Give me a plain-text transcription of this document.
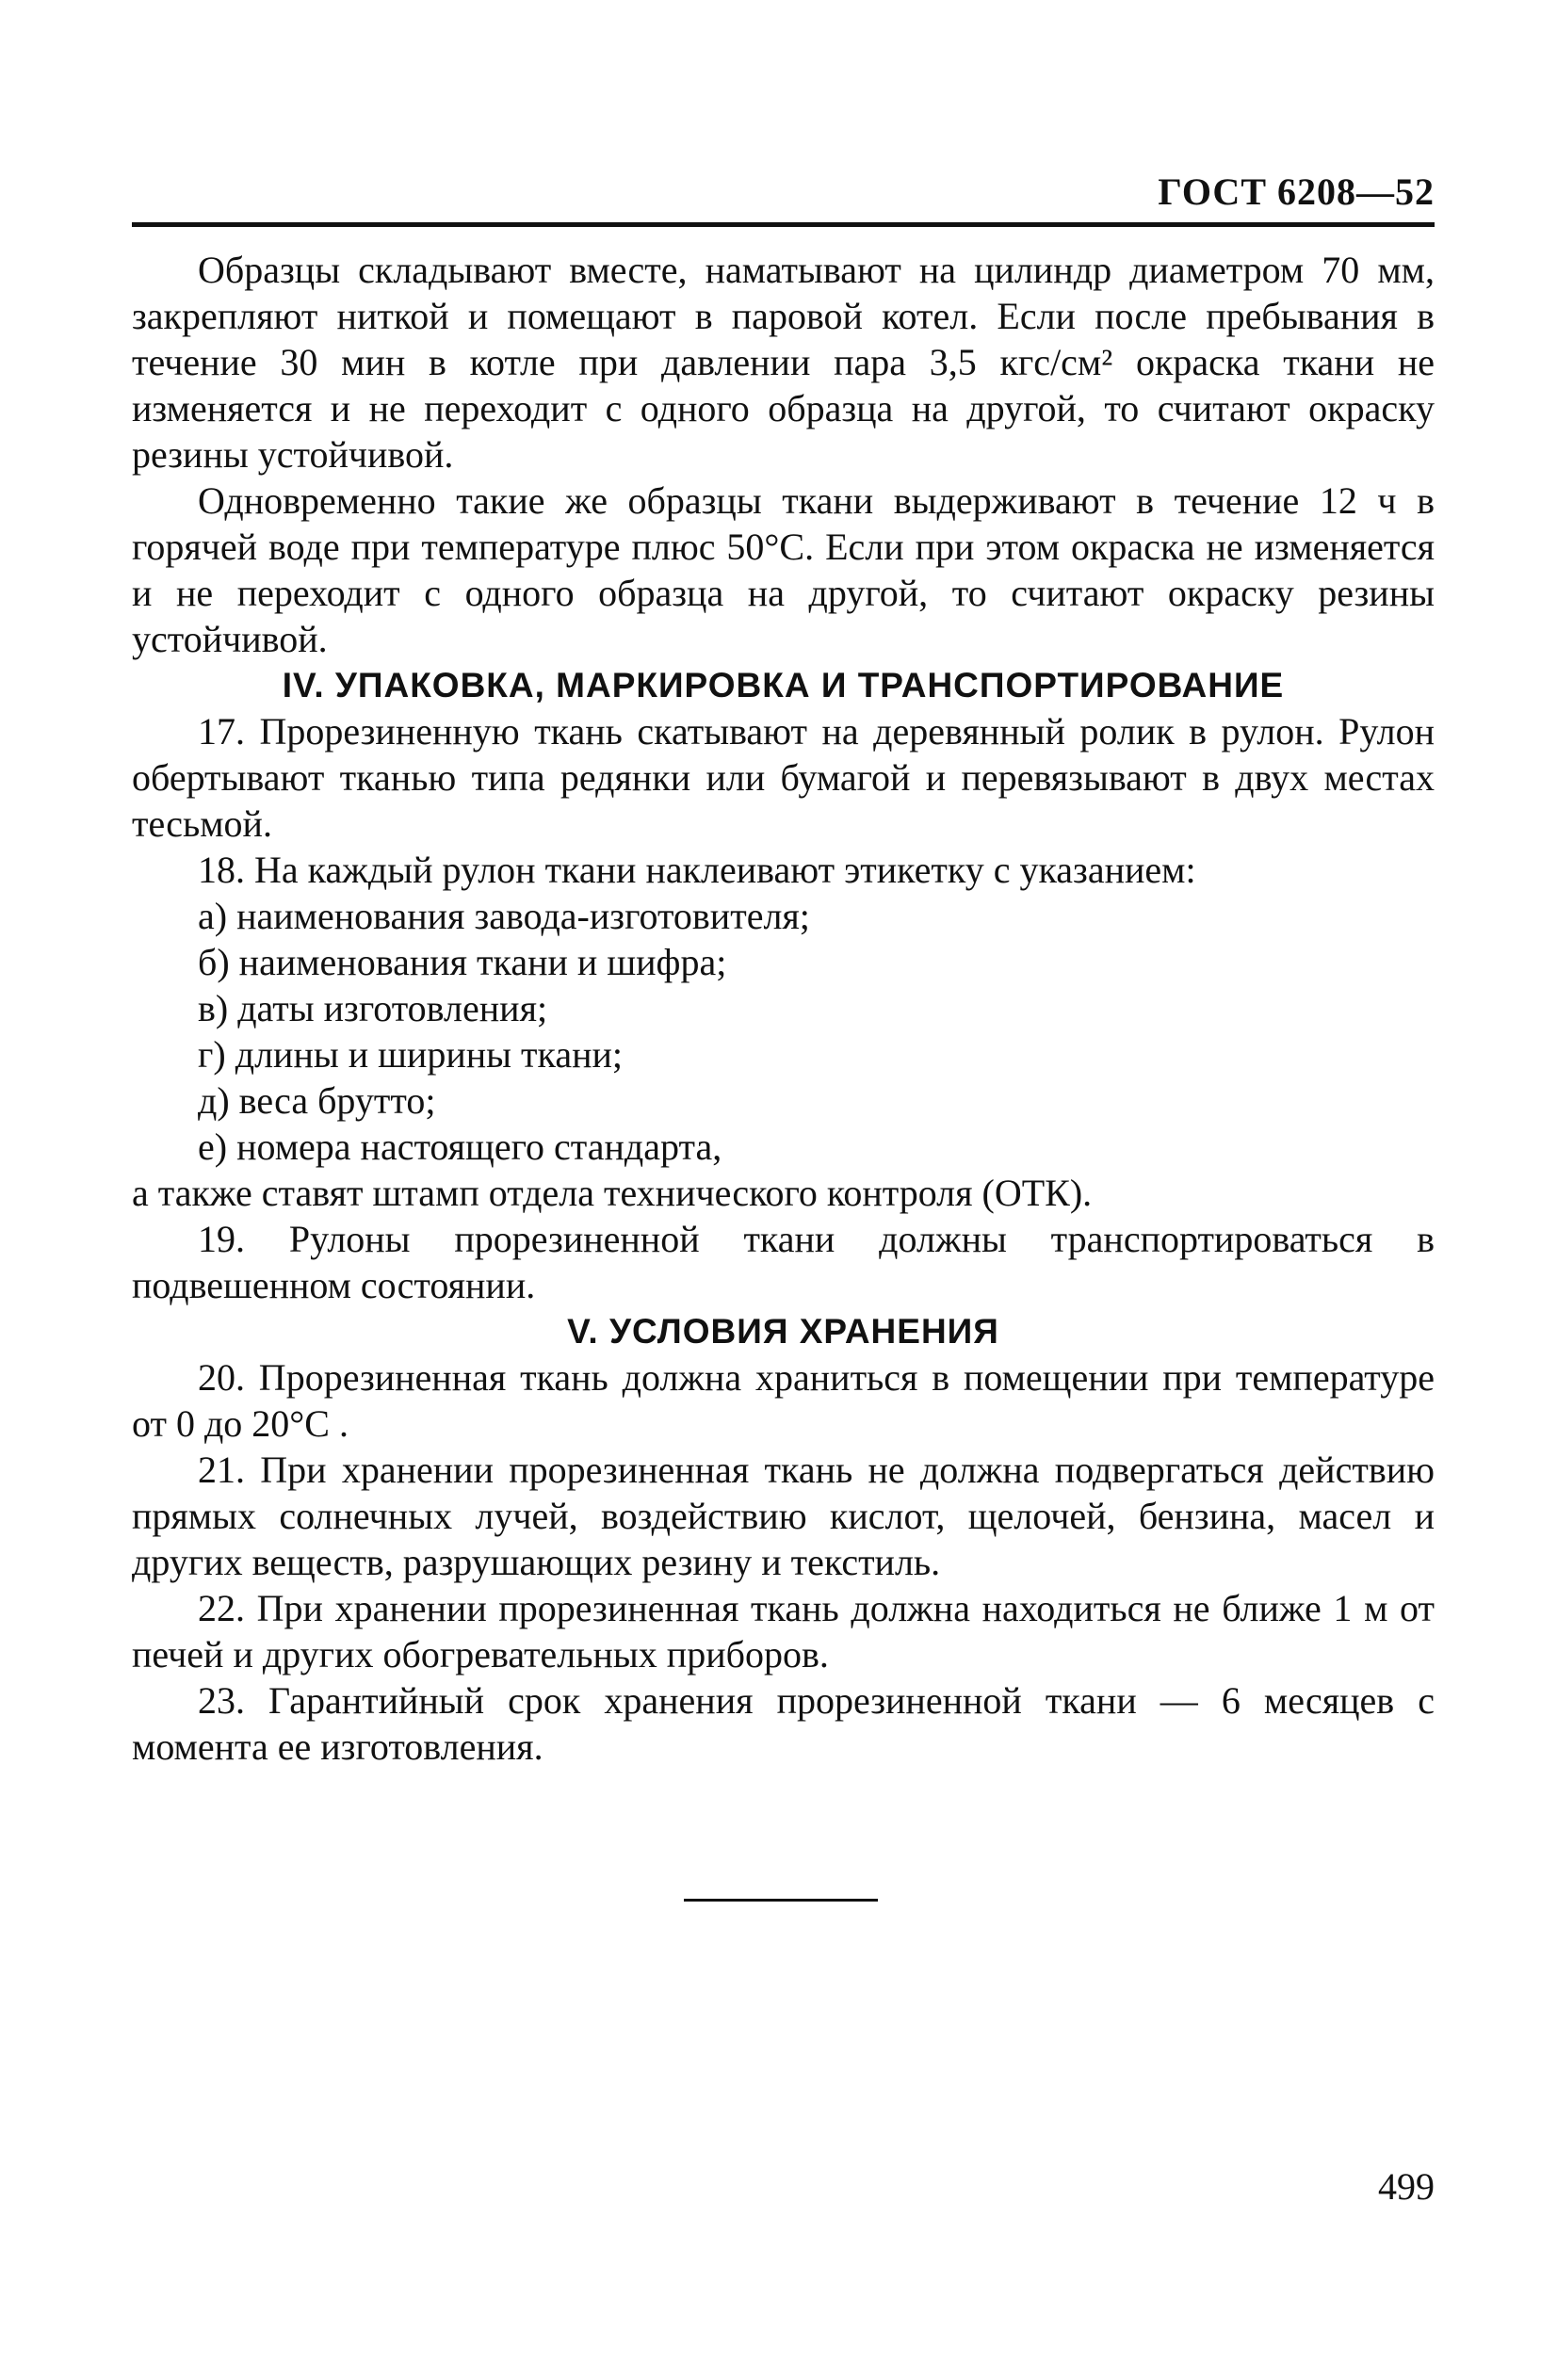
ГОСТ 6208—52

Образцы складывают вместе, наматывают на цилиндр диаметром 70 мм, закрепляют ниткой и помещают в паровой котел. Если после пребывания в течение 30 мин в котле при давлении пара 3,5 кгс/см² окраска ткани не изменяется и не переходит с одного образца на другой, то считают окраску резины устойчивой.

Одновременно такие же образцы ткани выдерживают в течение 12 ч в горячей воде при температуре плюс 50°С. Если при этом окраска не изменяется и не переходит с одного образца на другой, то считают окраску резины устойчивой.

IV. УПАКОВКА, МАРКИРОВКА И ТРАНСПОРТИРОВАНИЕ

17. Прорезиненную ткань скатывают на деревянный ролик в рулон. Рулон обертывают тканью типа редянки или бумагой и перевязывают в двух местах тесьмой.

18. На каждый рулон ткани наклеивают этикетку с указанием:

а) наименования завода-изготовителя;

б) наименования ткани и шифра;

в) даты изготовления;

г) длины и ширины ткани;

д) веса брутто;

е) номера настоящего стандарта,

а также ставят штамп отдела технического контроля (ОТК).

19. Рулоны прорезиненной ткани должны транспортироваться в подвешенном состоянии.

V. УСЛОВИЯ ХРАНЕНИЯ

20. Прорезиненная ткань должна храниться в помещении при температуре от 0 до 20°С .

21. При хранении прорезиненная ткань не должна подвергаться действию прямых солнечных лучей, воздействию кислот, щелочей, бензина, масел и других веществ, разрушающих резину и текстиль.

22. При хранении прорезиненная ткань должна находиться не ближе 1 м от печей и других обогревательных приборов.

23. Гарантийный срок хранения прорезиненной ткани — 6 месяцев с момента ее изготовления.

499
